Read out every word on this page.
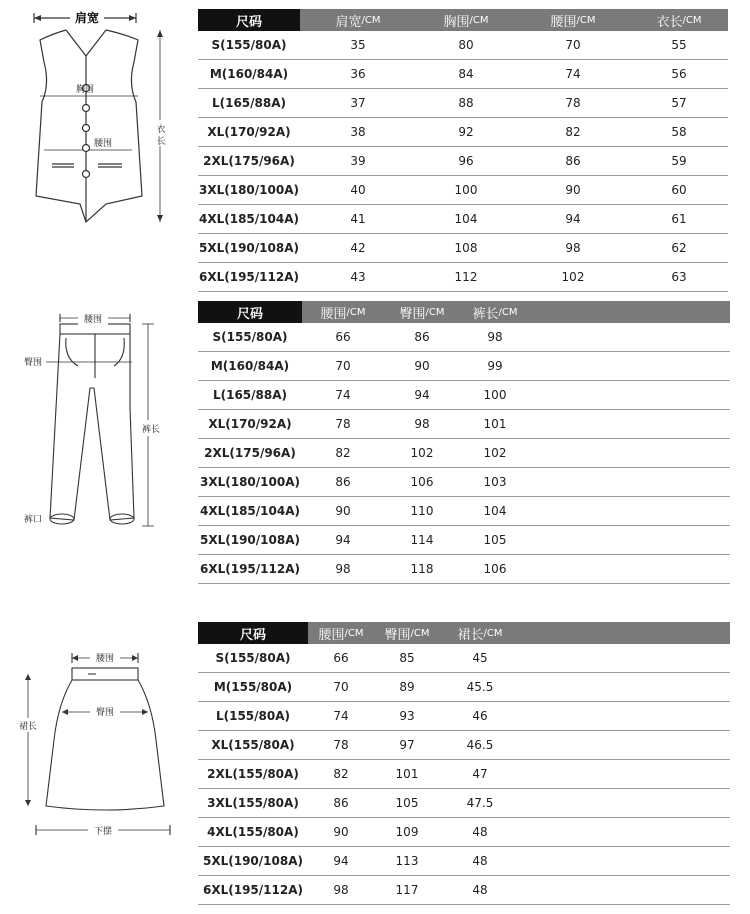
肩宽
胸围
腰围
衣
长
腰围
臀围
裤长
裤口
腰围
臀围
裙长
下摆
尺码	肩宽 /CM	胸围 /CM	腰围 /CM	衣长 /CM
S(155/80A)	35	80	70	55
M(160/84A)	36	84	74	56
L(165/88A)	37	88	78	57
XL(170/92A)	38	92	82	58
2XL(175/96A)	39	96	86	59
3XL(180/100A)	40	100	90	60
4XL(185/104A)	41	104	94	61
5XL(190/108A)	42	108	98	62
6XL(195/112A)	43	112	102	63
尺码	腰围 /CM	臀围 /CM 裤长 /CM
S(155/80A)	66	86	98
M(160/84A)	70	90	99
L(165/88A)	74	94	100
XL(170/92A)	78	98	101
2XL(175/96A)	82	102	102
3XL(180/100A)	86	106	103
4XL(185/104A)	90	110	104
5XL(190/108A)	94	114	105
6XL(195/112A)	98	118	106
尺码	腰围 /CM 臀围 /CM 裙长 /CM
S(155/80A)	66	85	45
M(155/80A)	70	89	45.5
L(155/80A)	74	93	46
XL(155/80A)	78	97	46.5
2XL(155/80A)	82	101	47
3XL(155/80A)	86	105	47.5
4XL(155/80A)	90	109	48
5XL(190/108A)	94	113	48
6XL(195/112A)	98	117	48
